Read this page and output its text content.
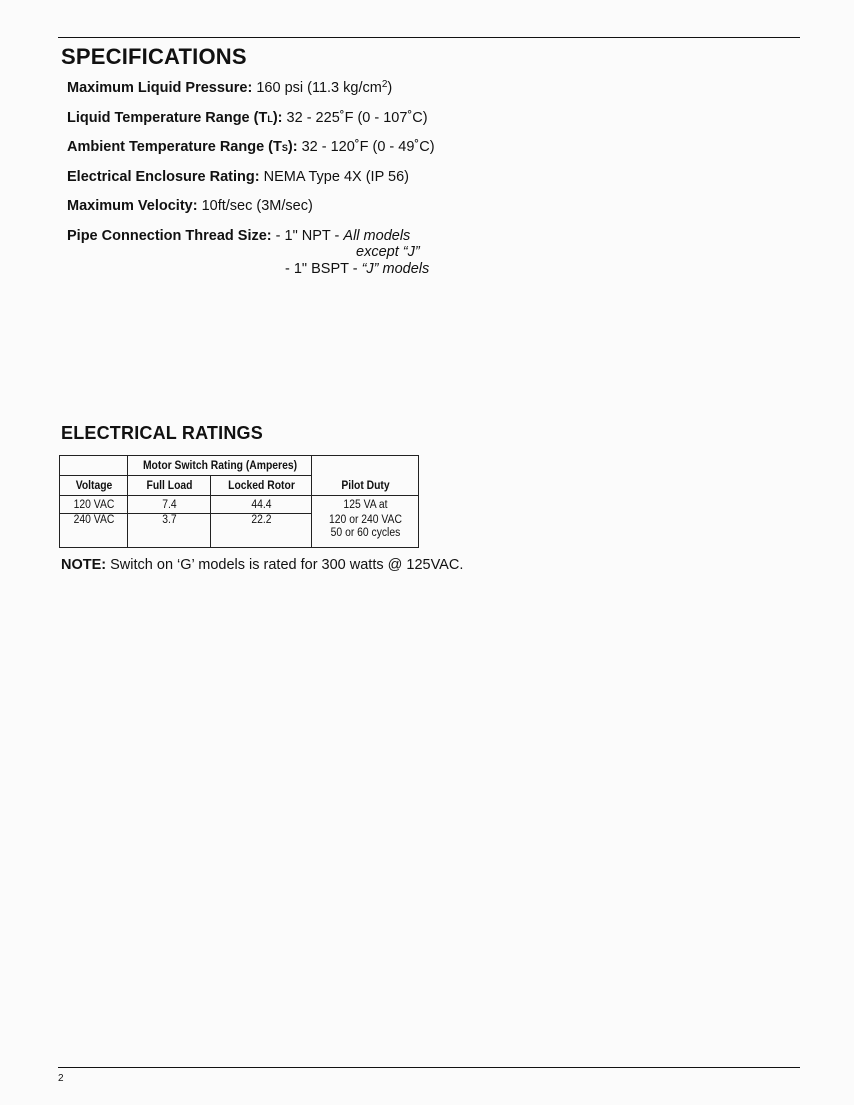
SPECIFICATIONS
Maximum Liquid Pressure: 160 psi (11.3 $kg/cm^2$)
Liquid Temperature Range (TL): 32 - 225˚F (0 - 107˚C)
Ambient Temperature Range (TS): 32 - 120˚F (0 - 49˚C)
Electrical Enclosure Rating: NEMA Type 4X (IP 56)
Maximum Velocity: 10ft/sec (3M/sec)
Pipe Connection Thread Size: - 1" NPT - All models
except “J”
- 1" BSPT - “J” models
ELECTRICAL RATINGS
	Motor Switch Rating (Amperes)		Pilot Duty
Voltage	Full Load	Locked Rotor	
120 VAC	7.4	44.4	125 VA at
240 VAC	3.7	22.2	120 or 240 VAC
50 or 60 cycles
NOTE: Switch on ‘G’ models is rated for 300 watts @ 125VAC.
2
